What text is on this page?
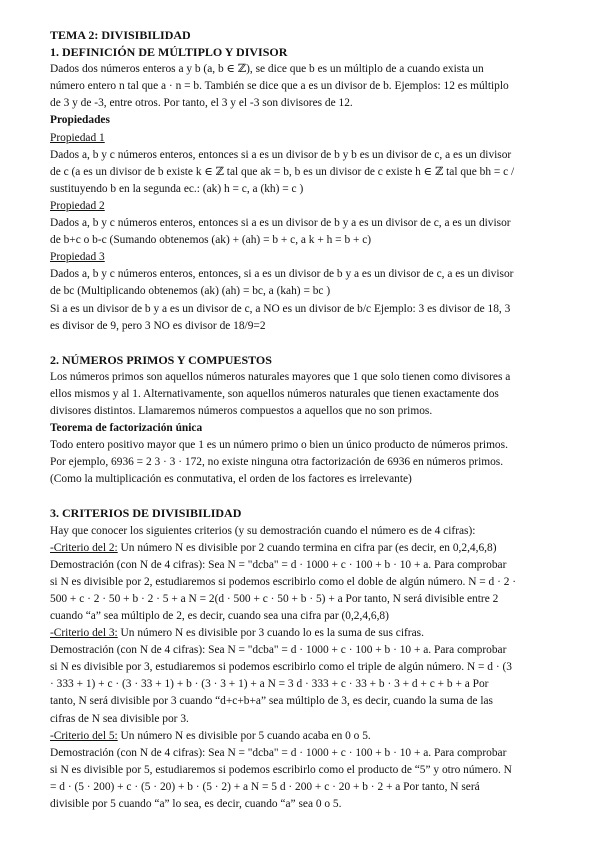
TEMA 2: DIVISIBILIDAD
1. DEFINICIÓN DE MÚLTIPLO Y DIVISOR
Dados dos números enteros a y b (a, b ∈ ℤ), se dice que b es un múltiplo de a cuando exista un
número entero n tal que a · n = b. También se dice que a es un divisor de b. Ejemplos: 12 es múltiplo
de 3 y de -3, entre otros. Por tanto, el 3 y el -3 son divisores de 12.
Propiedades
Propiedad 1
Dados a, b y c números enteros, entonces si a es un divisor de b y b es un divisor de c, a es un divisor
de c (a es un divisor de b existe k ∈ ℤ tal que ak = b, b es un divisor de c existe h ∈ ℤ tal que bh = c /
sustituyendo b en la segunda ec.: (ak) h = c, a (kh) = c )
Propiedad 2
Dados a, b y c números enteros, entonces si a es un divisor de b y a es un divisor de c, a es un divisor
de b+c o b-c (Sumando obtenemos (ak) + (ah) = b + c, a k + h = b + c)
Propiedad 3
Dados a, b y c números enteros, entonces, si a es un divisor de b y a es un divisor de c, a es un divisor
de bc (Multiplicando obtenemos (ak) (ah) = bc, a (kah) = bc )
Si a es un divisor de b y a es un divisor de c, a NO es un divisor de b/c Ejemplo: 3 es divisor de 18, 3
es divisor de 9, pero 3 NO es divisor de 18/9=2
2. NÚMEROS PRIMOS Y COMPUESTOS
Los números primos son aquellos números naturales mayores que 1 que solo tienen como divisores a
ellos mismos y al 1. Alternativamente, son aquellos números naturales que tienen exactamente dos
divisores distintos. Llamaremos números compuestos a aquellos que no son primos.
Teorema de factorización única
Todo entero positivo mayor que 1 es un número primo o bien un único producto de números primos.
Por ejemplo, 6936 = 2 3 · 3 · 172, no existe ninguna otra factorización de 6936 en números primos.
(Como la multiplicación es conmutativa, el orden de los factores es irrelevante)
3. CRITERIOS DE DIVISIBILIDAD
Hay que conocer los siguientes criterios (y su demostración cuando el número es de 4 cifras):
-Criterio del 2: Un número N es divisible por 2 cuando termina en cifra par (es decir, en 0,2,4,6,8)
Demostración (con N de 4 cifras): Sea N = "dcba" = d · 1000 + c · 100 + b · 10 + a. Para comprobar
si N es divisible por 2, estudiaremos si podemos escribirlo como el doble de algún número. N = d · 2 ·
500 + c · 2 · 50 + b · 2 · 5 + a N = 2(d · 500 + c · 50 + b · 5) + a Por tanto, N será divisible entre 2
cuando “a” sea múltiplo de 2, es decir, cuando sea una cifra par (0,2,4,6,8)
-Criterio del 3: Un número N es divisible por 3 cuando lo es la suma de sus cifras.
Demostración (con N de 4 cifras): Sea N = "dcba" = d · 1000 + c · 100 + b · 10 + a. Para comprobar
si N es divisible por 3, estudiaremos si podemos escribirlo como el triple de algún número. N = d · (3
· 333 + 1) + c · (3 · 33 + 1) + b · (3 · 3 + 1) + a N = 3 d · 333 + c · 33 + b · 3 + d + c + b + a Por
tanto, N será divisible por 3 cuando “d+c+b+a” sea múltiplo de 3, es decir, cuando la suma de las
cifras de N sea divisible por 3.
-Criterio del 5: Un número N es divisible por 5 cuando acaba en 0 o 5.
Demostración (con N de 4 cifras): Sea N = "dcba" = d · 1000 + c · 100 + b · 10 + a. Para comprobar
si N es divisible por 5, estudiaremos si podemos escribirlo como el producto de “5” y otro número. N
= d · (5 · 200) + c · (5 · 20) + b · (5 · 2) + a N = 5 d · 200 + c · 20 + b · 2 + a Por tanto, N será
divisible por 5 cuando “a” lo sea, es decir, cuando “a” sea 0 o 5.
